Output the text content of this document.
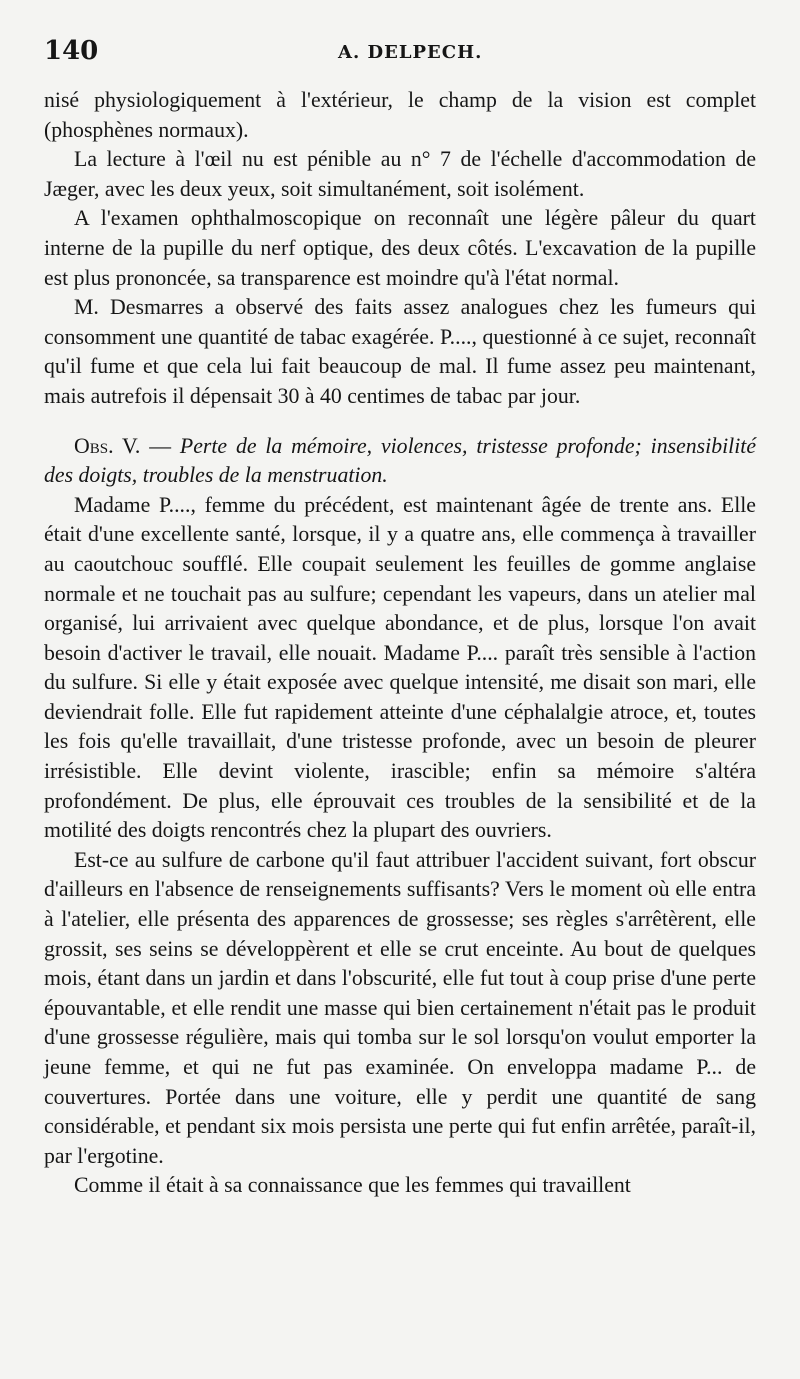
140	A. DELPECH.

nisé physiologiquement à l'extérieur, le champ de la vision est complet (phosphènes normaux).

La lecture à l'œil nu est pénible au n° 7 de l'échelle d'accommodation de Jæger, avec les deux yeux, soit simultanément, soit isolément.

A l'examen ophthalmoscopique on reconnaît une légère pâleur du quart interne de la pupille du nerf optique, des deux côtés. L'excavation de la pupille est plus prononcée, sa transparence est moindre qu'à l'état normal.

M. Desmarres a observé des faits assez analogues chez les fumeurs qui consomment une quantité de tabac exagérée. P...., questionné à ce sujet, reconnaît qu'il fume et que cela lui fait beaucoup de mal. Il fume assez peu maintenant, mais autrefois il dépensait 30 à 40 centimes de tabac par jour.

Obs. V. — Perte de la mémoire, violences, tristesse profonde; insensibilité des doigts, troubles de la menstruation.

Madame P...., femme du précédent, est maintenant âgée de trente ans. Elle était d'une excellente santé, lorsque, il y a quatre ans, elle commença à travailler au caoutchouc soufflé. Elle coupait seulement les feuilles de gomme anglaise normale et ne touchait pas au sulfure; cependant les vapeurs, dans un atelier mal organisé, lui arrivaient avec quelque abondance, et de plus, lorsque l'on avait besoin d'activer le travail, elle nouait. Madame P.... paraît très sensible à l'action du sulfure. Si elle y était exposée avec quelque intensité, me disait son mari, elle deviendrait folle. Elle fut rapidement atteinte d'une céphalalgie atroce, et, toutes les fois qu'elle travaillait, d'une tristesse profonde, avec un besoin de pleurer irrésistible. Elle devint violente, irascible; enfin sa mémoire s'altéra profondément. De plus, elle éprouvait ces troubles de la sensibilité et de la motilité des doigts rencontrés chez la plupart des ouvriers.

Est-ce au sulfure de carbone qu'il faut attribuer l'accident suivant, fort obscur d'ailleurs en l'absence de renseignements suffisants? Vers le moment où elle entra à l'atelier, elle présenta des apparences de grossesse; ses règles s'arrêtèrent, elle grossit, ses seins se développèrent et elle se crut enceinte. Au bout de quelques mois, étant dans un jardin et dans l'obscurité, elle fut tout à coup prise d'une perte épouvantable, et elle rendit une masse qui bien certainement n'était pas le produit d'une grossesse régulière, mais qui tomba sur le sol lorsqu'on voulut emporter la jeune femme, et qui ne fut pas examinée. On enveloppa madame P... de couvertures. Portée dans une voiture, elle y perdit une quantité de sang considérable, et pendant six mois persista une perte qui fut enfin arrêtée, paraît-il, par l'ergotine.

Comme il était à sa connaissance que les femmes qui travaillent
